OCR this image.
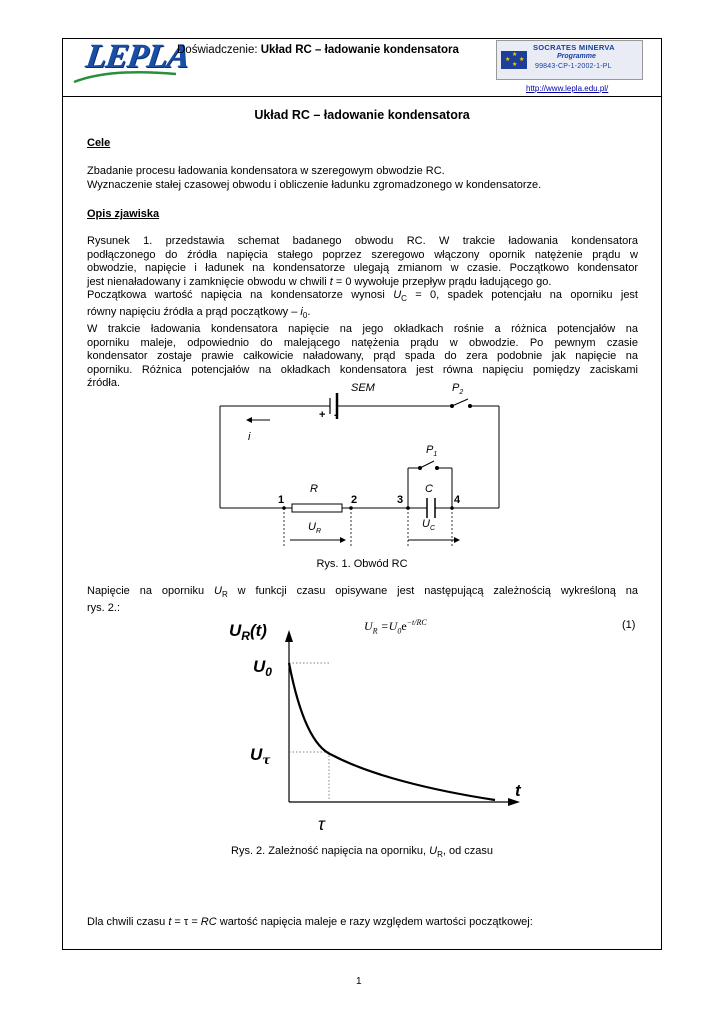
LEPLA
Doświadczenie: Układ RC – ładowanie kondensatora	★
★ ★
★
SOCRATES MINERVA
Programme
99843-CP-1-2002-1-PL
http://www.lepla.edu.pl/
Układ RC – ładowanie kondensatora
Cele
Zbadanie procesu ładowania kondensatora w szeregowym obwodzie RC.
Wyznaczenie stałej czasowej obwodu i obliczenie ładunku zgromadzonego w kondensatorze.
Opis zjawiska
Rysunek 1. przedstawia schemat badanego obwodu RC. W trakcie ładowania kondensatora
podłączonego do źródła napięcia stałego poprzez szeregowo włączony opornik natężenie prądu w
obwodzie, napięcie i ładunek na kondensatorze ulegają zmianom w czasie. Początkowo kondensator
jest nienaładowany i zamknięcie obwodu w chwili t = 0 wywołuje przepływ prądu ładującego go.
Początkowa wartość napięcia na kondensatorze wynosi $U_C = 0$, spadek potencjału na oporniku jest
równy napięciu źródła a prąd początkowy – $i_0$.
W trakcie ładowania kondensatora napięcie na jego okładkach rośnie a różnica potencjałów na
oporniku maleje, odpowiednio do malejącego natężenia prądu w obwodzie. Po pewnym czasie
kondensator zostaje prawie całkowicie naładowany, prąd spada do zera podobnie jak napięcie na
oporniku. Różnica potencjałów na okładkach kondensatora jest równa napięciu pomiędzy zaciskami
źródła.	SEM	$P_2$
+ -
i
$P_1$
R	C
1	2	3	4
$U_R$
$U_C$
Rys. 1. Obwód RC
Napięcie na oporniku $U_R$ w funkcji czasu opisywane jest następującą zależnością wykreśloną na
rys. 2.:
$U_R =U_0e^{-t/RC}$	(1)
$U_R(t)$
$U_0$
$U_\tau$
t
τ
Rys. 2. Zależność napięcia na oporniku, $U_R$, od czasu
Dla chwili czasu t = τ = RC wartość napięcia maleje e razy względem wartości początkowej:
1
